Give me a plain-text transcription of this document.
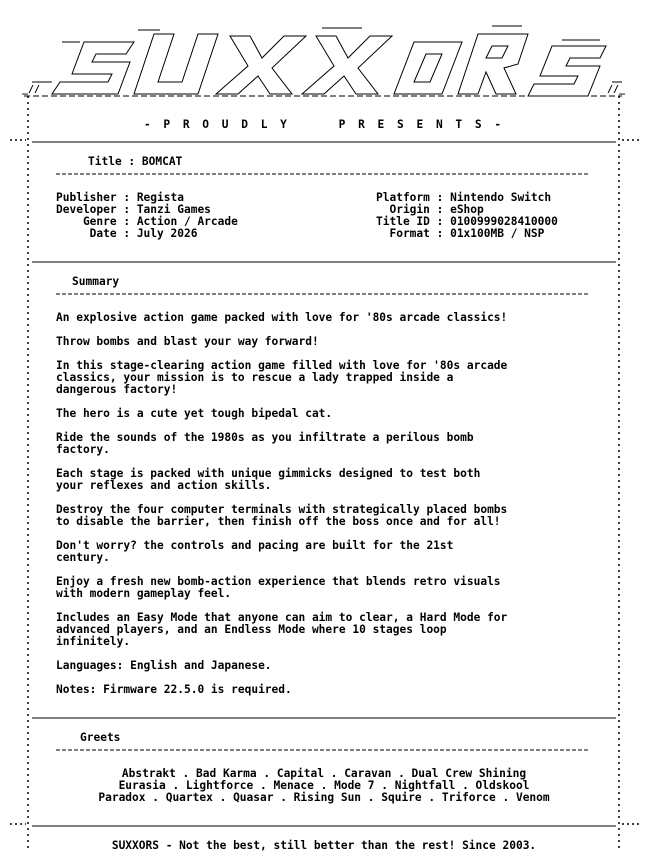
_//	//_
- P R O U D L Y     P R E S E N T S -
Title : BOMCAT
Publisher : Regista
Developer : Tanzi Games
Genre : Action / Arcade
Date : July 2026
Platform : Nintendo Switch
Origin : eShop
Title ID : 0100999028410000
Format : 01x100MB / NSP
Summary
An explosive action game packed with love for '80s arcade classics!
Throw bombs and blast your way forward!
In this stage-clearing action game filled with love for '80s arcade
classics, your mission is to rescue a lady trapped inside a
dangerous factory!
The hero is a cute yet tough bipedal cat.
Ride the sounds of the 1980s as you infiltrate a perilous bomb
factory.
Each stage is packed with unique gimmicks designed to test both
your reflexes and action skills.
Destroy the four computer terminals with strategically placed bombs
to disable the barrier, then finish off the boss once and for all!
Don't worry? the controls and pacing are built for the 21st
century.
Enjoy a fresh new bomb-action experience that blends retro visuals
with modern gameplay feel.
Includes an Easy Mode that anyone can aim to clear, a Hard Mode for
advanced players, and an Endless Mode where 10 stages loop
infinitely.
Languages: English and Japanese.
Notes: Firmware 22.5.0 is required.
Greets
Abstrakt . Bad Karma . Capital . Caravan . Dual Crew Shining
Eurasia . Lightforce . Menace . Mode 7 . Nightfall . Oldskool
Paradox . Quartex . Quasar . Rising Sun . Squire . Triforce . Venom
SUXXORS - Not the best, still better than the rest! Since 2003.
